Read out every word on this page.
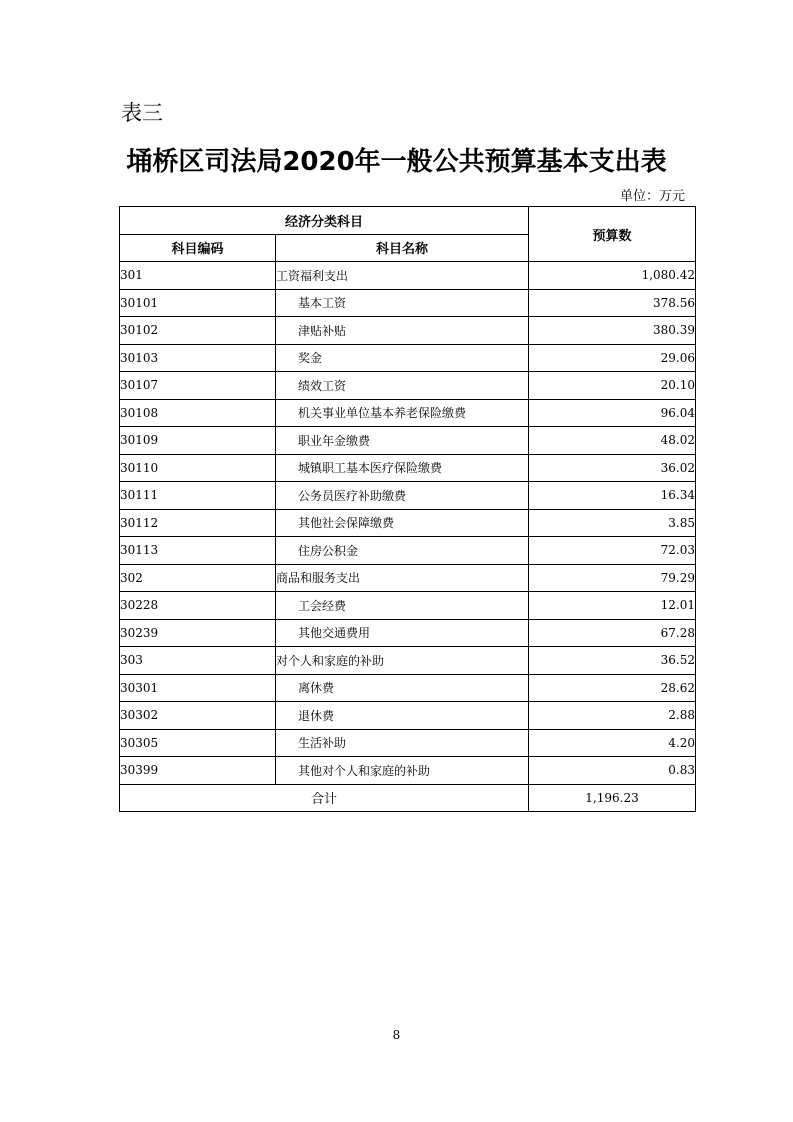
表三
埇桥区司法局2020年一般公共预算基本支出表
单位：万元
经济分类科目		预算数
科目编码	科目名称	
301	工资福利支出	1,080.42
30101	基本工资	378.56
30102	津贴补贴	380.39
30103	奖金	29.06
30107	绩效工资	20.10
30108	机关事业单位基本养老保险缴费	96.04
30109	职业年金缴费	48.02
30110	城镇职工基本医疗保险缴费	36.02
30111	公务员医疗补助缴费	16.34
30112	其他社会保障缴费	3.85
30113	住房公积金	72.03
302	商品和服务支出	79.29
30228	工会经费	12.01
30239	其他交通费用	67.28
303	对个人和家庭的补助	36.52
30301	离休费	28.62
30302	退休费	2.88
30305	生活补助	4.20
30399	其他对个人和家庭的补助	0.83
合计		1,196.23
8
